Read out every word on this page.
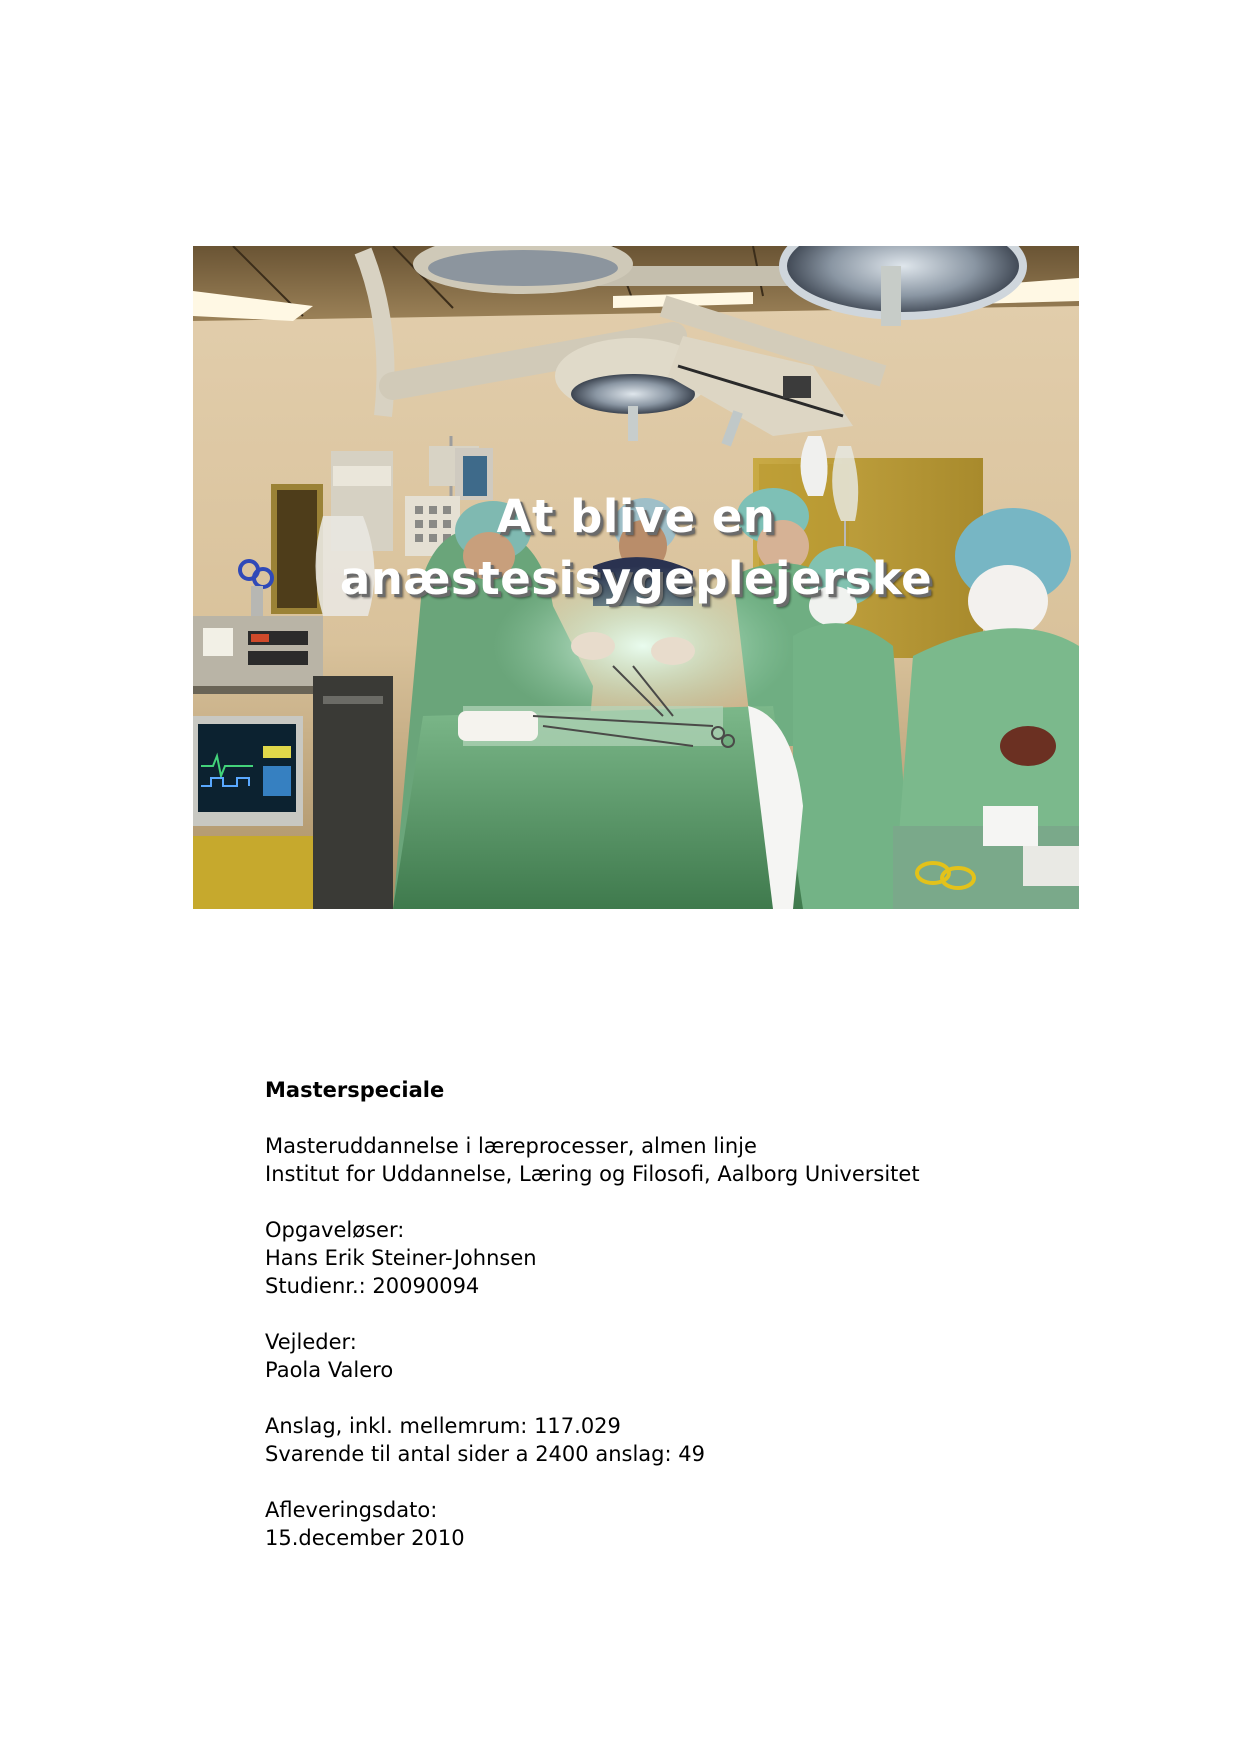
At blive en
anæstesisygeplejerske
Masterspeciale
Masteruddannelse i læreprocesser, almen linje
Institut for Uddannelse, Læring og Filosofi, Aalborg Universitet
Opgaveløser:
Hans Erik Steiner-Johnsen
Studienr.: 20090094
Vejleder:
Paola Valero
Anslag, inkl. mellemrum: 117.029
Svarende til antal sider a 2400 anslag: 49
Afleveringsdato:
15.december 2010
